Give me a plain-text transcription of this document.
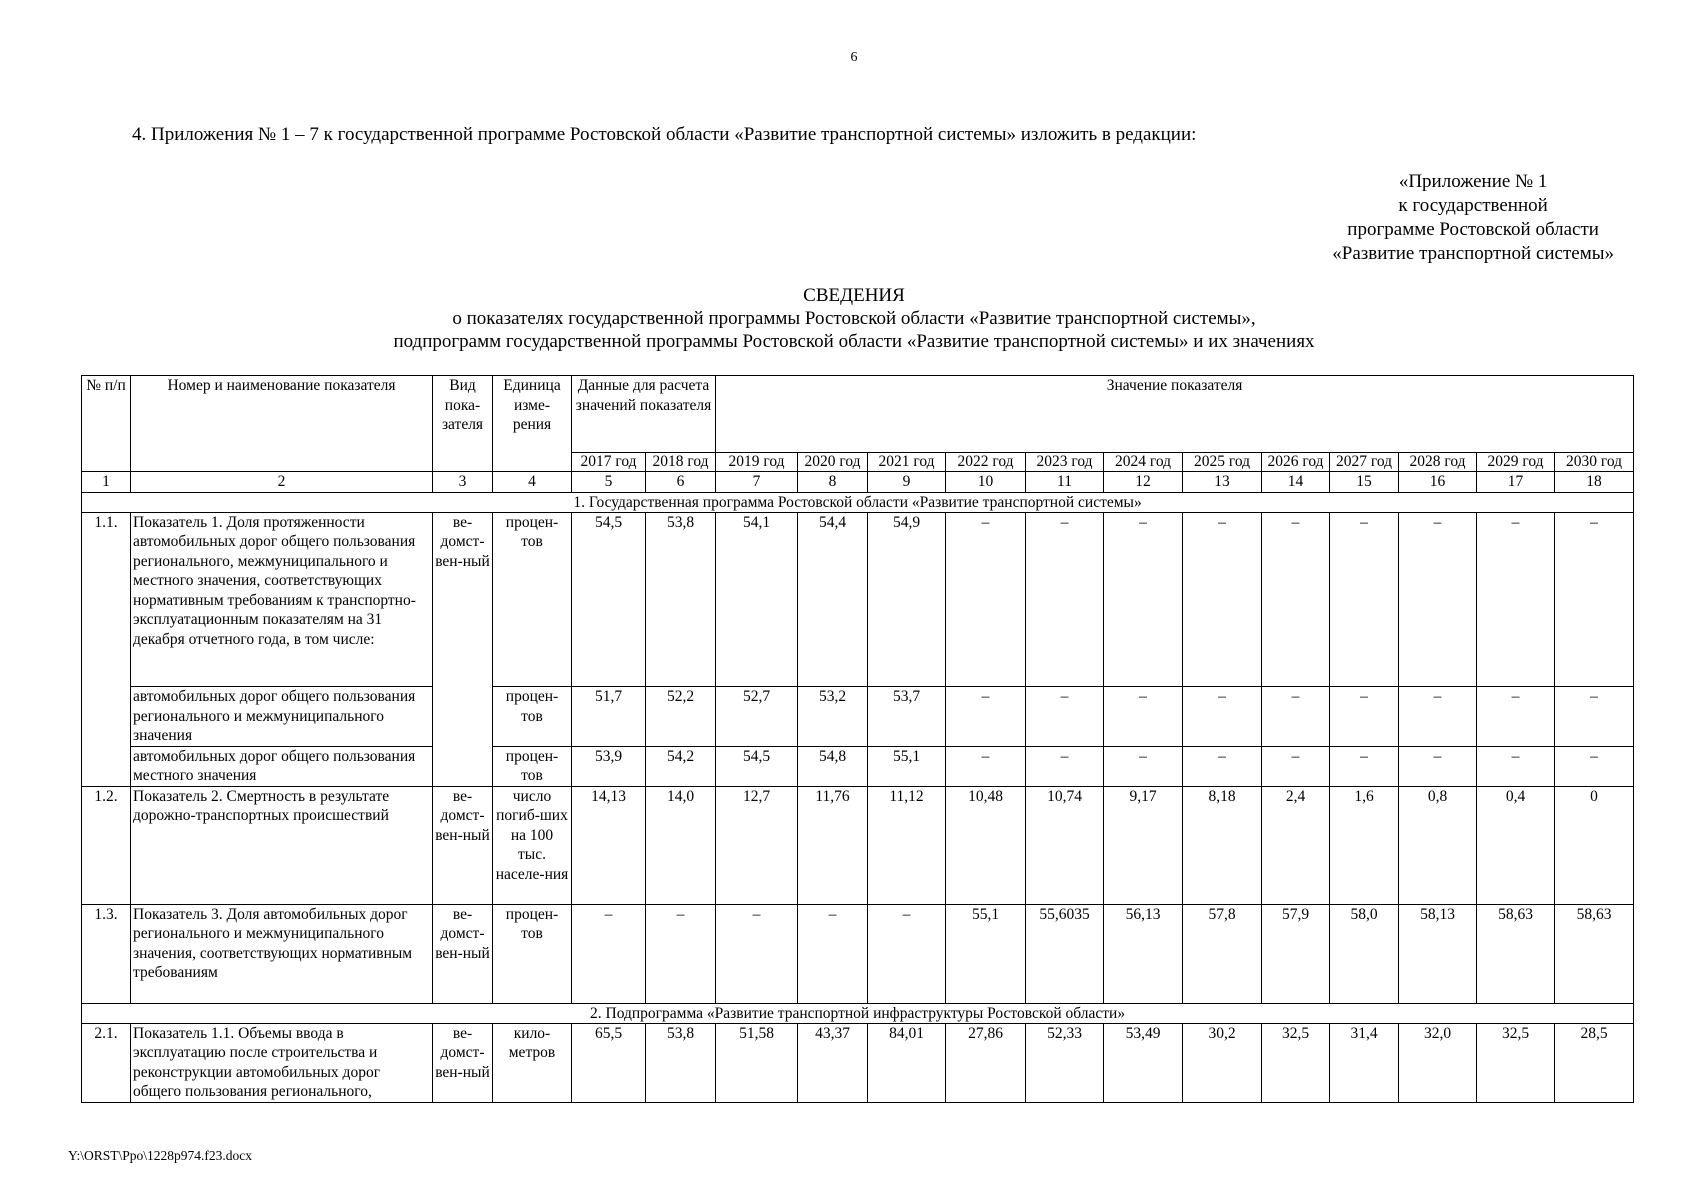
6
4. Приложения № 1 – 7 к государственной программе Ростовской области «Развитие транспортной системы» изложить в редакции:
«Приложение № 1
к государственной
программе Ростовской области
«Развитие транспортной системы»
СВЕДЕНИЯ
о показателях государственной программы Ростовской области «Развитие транспортной системы»,
подпрограмм государственной программы Ростовской области «Развитие транспортной системы» и их значениях
№ п/п	Номер и наименование показателя	Вид пока-зателя	Единица изме-рения	Данные для расчета значений показателя		Значение показателя											
				2017 год	2018 год	2019 год	2020 год	2021 год	2022 год	2023 год	2024 год	2025 год	2026 год	2027 год	2028 год	2029 год	2030 год
1	2	3	4	5	6	7	8	9	10	11	12	13	14	15	16	17	18
1. Государственная программа Ростовской области «Развитие транспортной системы»																	
1.1.	Показатель 1. Доля протяженности автомобильных дорог общего пользования регионального, межмуниципального и местного значения, соответствующих нормативным требованиям к транспортно-эксплуатационным показателям на 31 декабря отчетного года, в том числе:	ве-домст-вен-ный	процен-тов	54,5	53,8	54,1	54,4	54,9	–	–	–	–	–	–	–	–	–
	автомобильных дорог общего пользования регионального и межмуниципального значения		процен-тов	51,7	52,2	52,7	53,2	53,7	–	–	–	–	–	–	–	–	–
	автомобильных дорог общего пользования местного значения		процен-тов	53,9	54,2	54,5	54,8	55,1	–	–	–	–	–	–	–	–	–
1.2.	Показатель 2. Смертность в результате дорожно-транспортных происшествий	ве-домст-вен-ный	число погиб-ших на 100 тыс. населе-ния	14,13	14,0	12,7	11,76	11,12	10,48	10,74	9,17	8,18	2,4	1,6	0,8	0,4	0
1.3.	Показатель 3. Доля автомобильных дорог регионального и межмуниципального значения, соответствующих нормативным требованиям	ве-домст-вен-ный	процен-тов	–	–	–	–	–	55,1	55,6035	56,13	57,8	57,9	58,0	58,13	58,63	58,63
2. Подпрограмма «Развитие транспортной инфраструктуры Ростовской области»																	
2.1.	Показатель 1.1. Объемы ввода в эксплуатацию после строительства и реконструкции автомобильных дорог общего пользования регионального,	ве-домст-вен-ный	кило-метров	65,5	53,8	51,58	43,37	84,01	27,86	52,33	53,49	30,2	32,5	31,4	32,0	32,5	28,5
Y:\ORST\Ppo\1228p974.f23.docx
